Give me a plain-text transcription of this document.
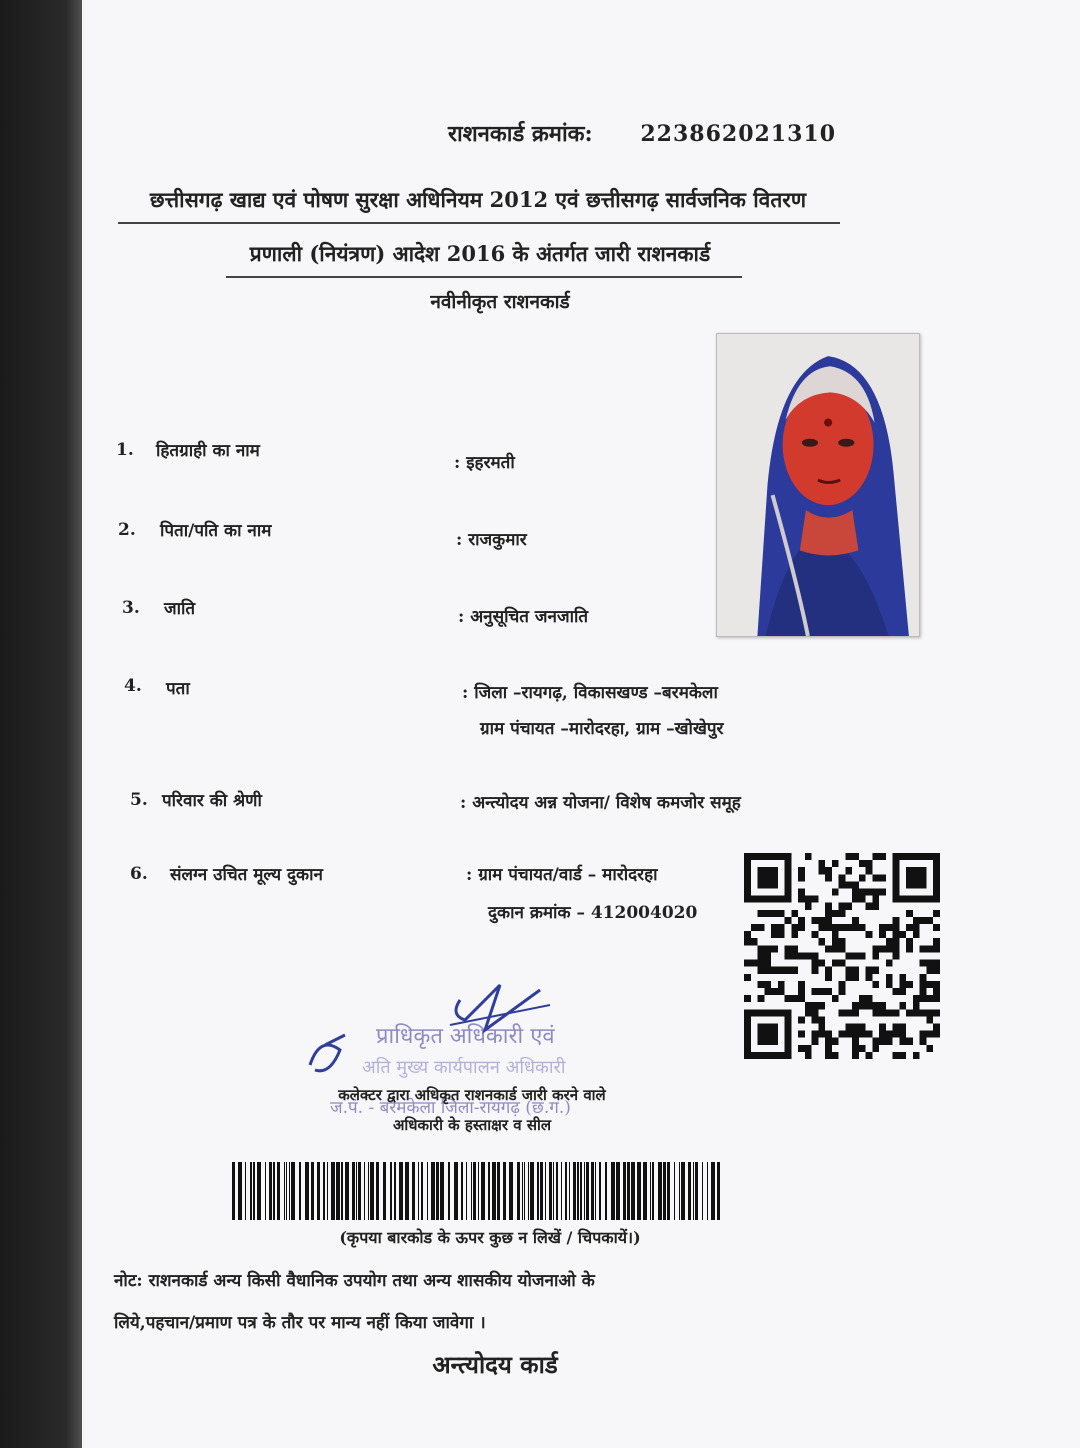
राशनकार्ड क्रमांक: 223862021310
छत्तीसगढ़ खाद्य एवं पोषण सुरक्षा अधिनियम 2012 एवं छत्तीसगढ़ सार्वजनिक वितरण
प्रणाली (नियंत्रण) आदेश 2016 के अंतर्गत जारी राशनकार्ड
नवीनीकृत राशनकार्ड
1. हितग्राही का नाम
: इहरमती
2. पिता/पति का नाम	: राजकुमार
3. जाति	: अनुसूचित जनजाति
4. पता	: जिला –रायगढ़, विकासखण्ड –बरमकेला
ग्राम पंचायत –मारोदरहा, ग्राम –खोखेपुर
5. परिवार की श्रेणी	: अन्त्योदय अन्न योजना/ विशेष कमजोर समूह
6. संलग्न उचित मूल्य दुकान	: ग्राम पंचायत/वार्ड – मारोदरहा
दुकान क्रमांक – 412004020
प्राधिकृत अधिकारी एवं
अति मुख्य कार्यपालन अधिकारी
ज.पं. - बरमकेला जिला-रायगढ़ (छ.ग.)
कलेक्टर द्वारा अधिकृत राशनकार्ड जारी करने वाले
अधिकारी के हस्ताक्षर व सील
(कृपया बारकोड के ऊपर कुछ न लिखें / चिपकायें।)
नोट: राशनकार्ड अन्य किसी वैधानिक उपयोग तथा अन्य शासकीय योजनाओ के
लिये,पहचान/प्रमाण पत्र के तौर पर मान्य नहीं किया जावेगा ।
अन्त्योदय कार्ड
